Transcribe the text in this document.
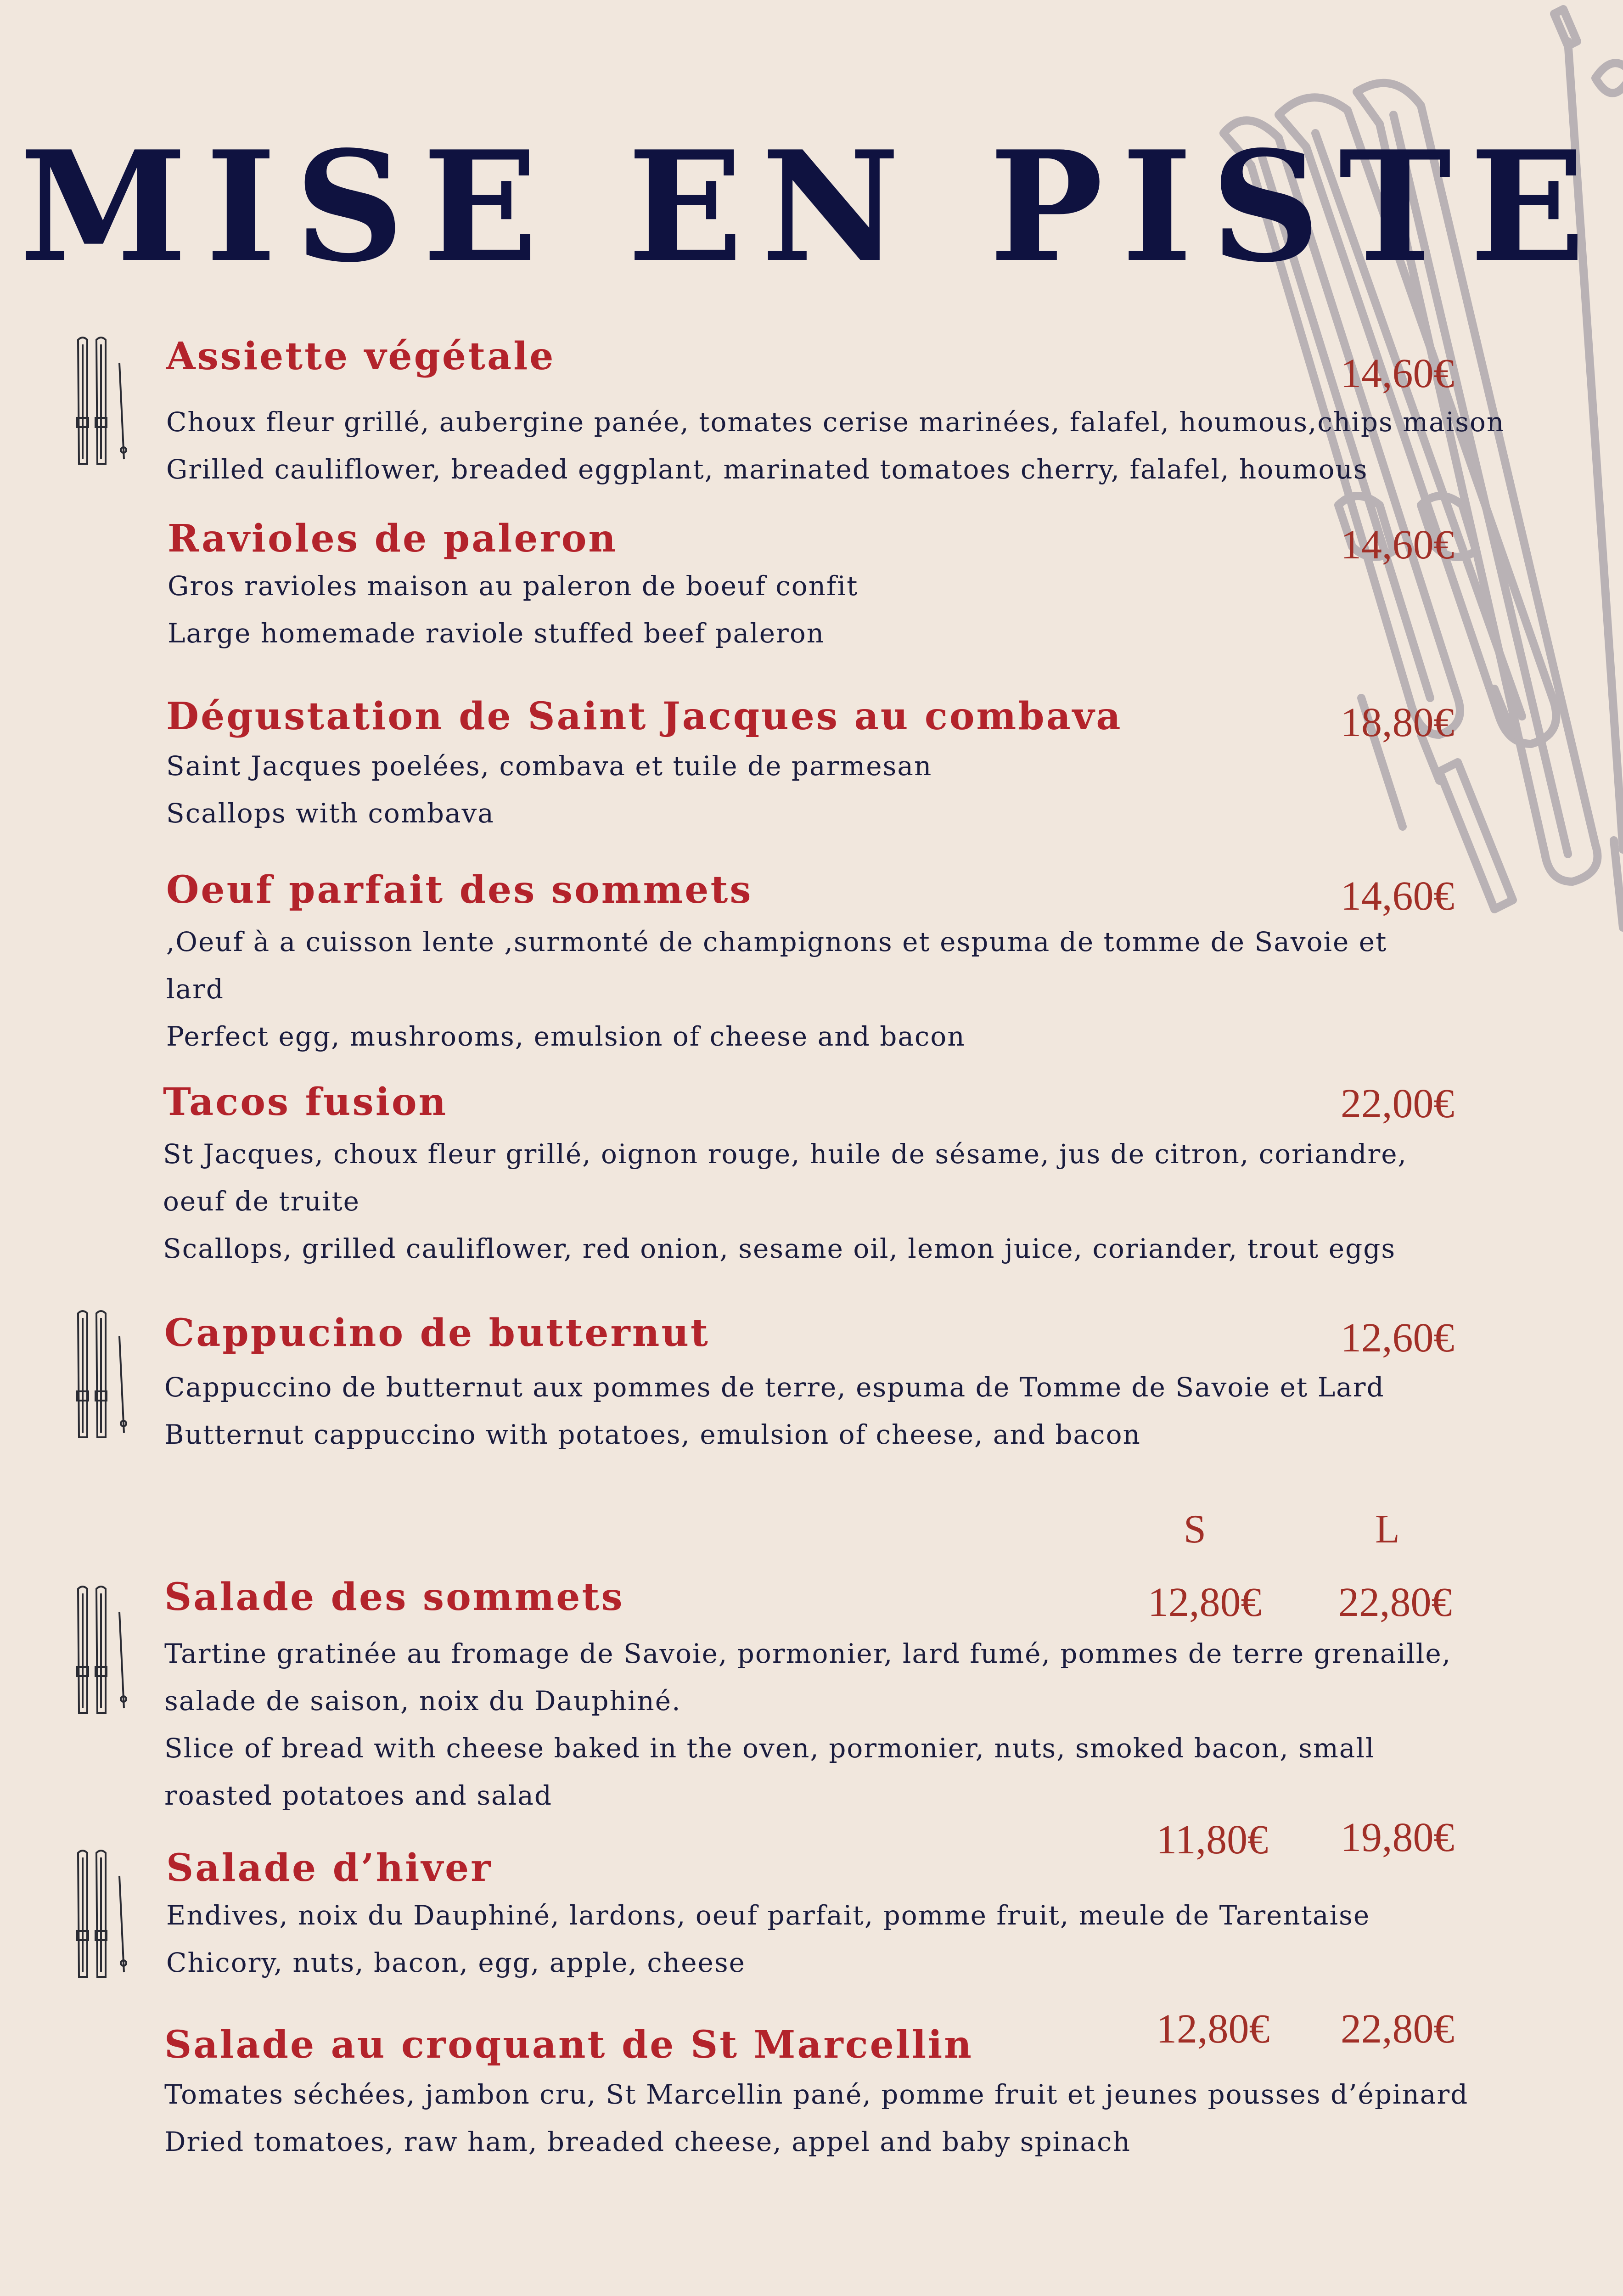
MISE EN PISTE
Assiette végétale
Choux fleur grillé, aubergine panée, tomates cerise marinées, falafel, houmous,chips maison
Grilled cauliflower, breaded eggplant, marinated tomatoes cherry, falafel, houmous
14,60€
Ravioles de paleron
Gros ravioles maison au paleron de boeuf confit
Large homemade raviole stuffed beef paleron
14,60€
Dégustation de Saint Jacques au combava
Saint Jacques poelées, combava et tuile de parmesan
Scallops with combava
18,80€
Oeuf parfait des sommets
,Oeuf à a cuisson lente ,surmonté de champignons et espuma de tomme de Savoie et
lard
Perfect egg, mushrooms, emulsion of cheese and bacon
14,60€
Tacos fusion
St Jacques, choux fleur grillé, oignon rouge, huile de sésame, jus de citron, coriandre,
oeuf de truite
Scallops, grilled cauliflower, red onion, sesame oil, lemon juice, coriander, trout eggs
22,00€
Cappucino de butternut
Cappuccino de butternut aux pommes de terre, espuma de Tomme de Savoie et Lard
Butternut cappuccino with potatoes, emulsion of cheese, and bacon
12,60€
S	L
Salade des sommets
Tartine gratinée au fromage de Savoie, pormonier, lard fumé, pommes de terre grenaille,
salade de saison, noix du Dauphiné.
Slice of bread with cheese baked in the oven, pormonier, nuts, smoked bacon, small
roasted potatoes and salad
12,80€ 22,80€
Salade d’hiver
Endives, noix du Dauphiné, lardons, oeuf parfait, pomme fruit, meule de Tarentaise
Chicory, nuts, bacon, egg, apple, cheese
11,80€ 19,80€
Salade au croquant de St Marcellin
Tomates séchées, jambon cru, St Marcellin pané, pomme fruit et jeunes pousses d’épinard
Dried tomatoes, raw ham, breaded cheese, appel and baby spinach
12,80€ 22,80€
